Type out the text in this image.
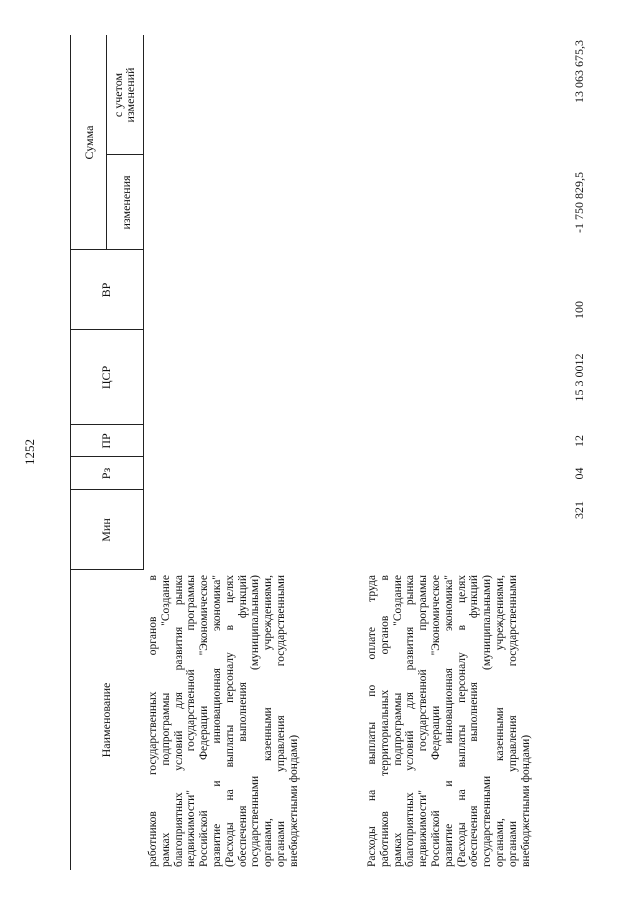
1252
Наименование
Мин
Рз
ПР
ЦСР
ВР
Сумма
изменения
с учетом
изменений
работников государственных органов в рамках подпрограммы "Создание благоприятных условий для развития рынка недвижимости" государственной программы Российской Федерации "Экономическое развитие и инновационная экономика" (Расходы на выплаты персоналу в целях обеспечения выполнения функций государственными (муниципальными) органами, казенными учреждениями, органами управления государственными внебюджетными фондами)	Расходы на выплаты по оплате труда работников территориальных органов в рамках подпрограммы "Создание благоприятных условий для развития рынка недвижимости" государственной программы Российской Федерации "Экономическое развитие и инновационная экономика" (Расходы на выплаты персоналу в целях обеспечения выполнения функций государственными (муниципальными) органами, казенными учреждениями, органами управления государственными внебюджетными фондами)
321
04
12
15 3 0012
100
-1 750 829,5
13 063 675,3
